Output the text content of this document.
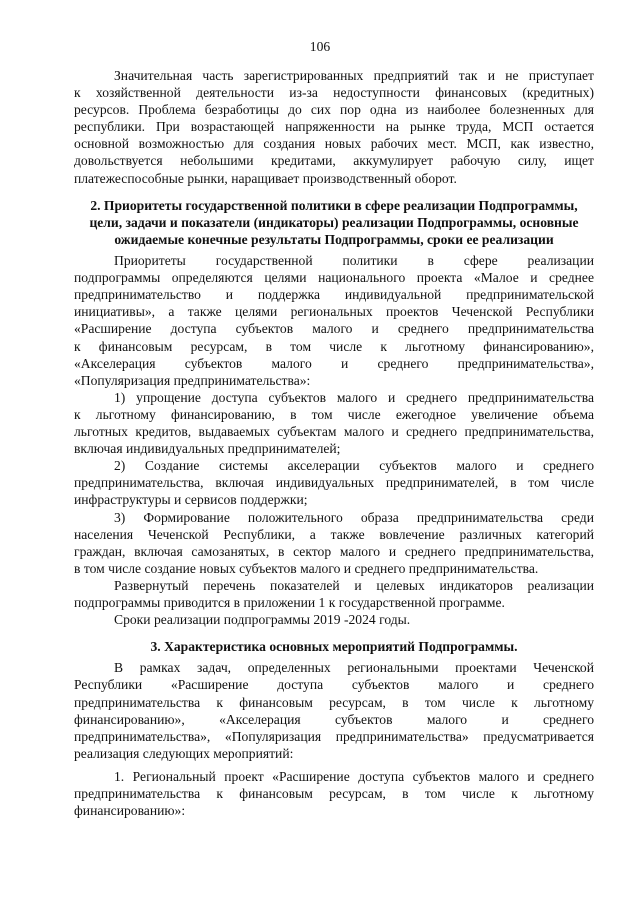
106
Значительная часть зарегистрированных предприятий так и не приступает
к хозяйственной деятельности из-за недоступности финансовых (кредитных)
ресурсов. Проблема безработицы до сих пор одна из наиболее болезненных для
республики. При возрастающей напряженности на рынке труда, МСП остается
основной возможностью для создания новых рабочих мест. МСП, как известно,
довольствуется небольшими кредитами, аккумулирует рабочую силу, ищет
платежеспособные рынки, наращивает производственный оборот.
2. Приоритеты государственной политики в сфере реализации Подпрограммы,
цели, задачи и показатели (индикаторы) реализации Подпрограммы, основные
ожидаемые конечные результаты Подпрограммы, сроки ее реализации
Приоритеты государственной политики в сфере реализации
подпрограммы определяются целями национального проекта «Малое и среднее
предпринимательство и поддержка индивидуальной предпринимательской
инициативы», а также целями региональных проектов Чеченской Республики
«Расширение доступа субъектов малого и среднего предпринимательства
к финансовым ресурсам, в том числе к льготному финансированию»,
«Акселерация субъектов малого и среднего предпринимательства»,
«Популяризация предпринимательства»:
1) упрощение доступа субъектов малого и среднего предпринимательства
к льготному финансированию, в том числе ежегодное увеличение объема
льготных кредитов, выдаваемых субъектам малого и среднего предпринимательства,
включая индивидуальных предпринимателей;
2) Создание системы акселерации субъектов малого и среднего
предпринимательства, включая индивидуальных предпринимателей, в том числе
инфраструктуры и сервисов поддержки;
3) Формирование положительного образа предпринимательства среди
населения Чеченской Республики, а также вовлечение различных категорий
граждан, включая самозанятых, в сектор малого и среднего предпринимательства,
в том числе создание новых субъектов малого и среднего предпринимательства.
Развернутый перечень показателей и целевых индикаторов реализации
подпрограммы приводится в приложении 1 к государственной программе.
Сроки реализации подпрограммы 2019 -2024 годы.
3. Характеристика основных мероприятий Подпрограммы.
В рамках задач, определенных региональными проектами Чеченской
Республики «Расширение доступа субъектов малого и среднего
предпринимательства к финансовым ресурсам, в том числе к льготному
финансированию», «Акселерация субъектов малого и среднего
предпринимательства», «Популяризация предпринимательства» предусматривается
реализация следующих мероприятий:
1. Региональный проект «Расширение доступа субъектов малого и среднего
предпринимательства к финансовым ресурсам, в том числе к льготному
финансированию»:
